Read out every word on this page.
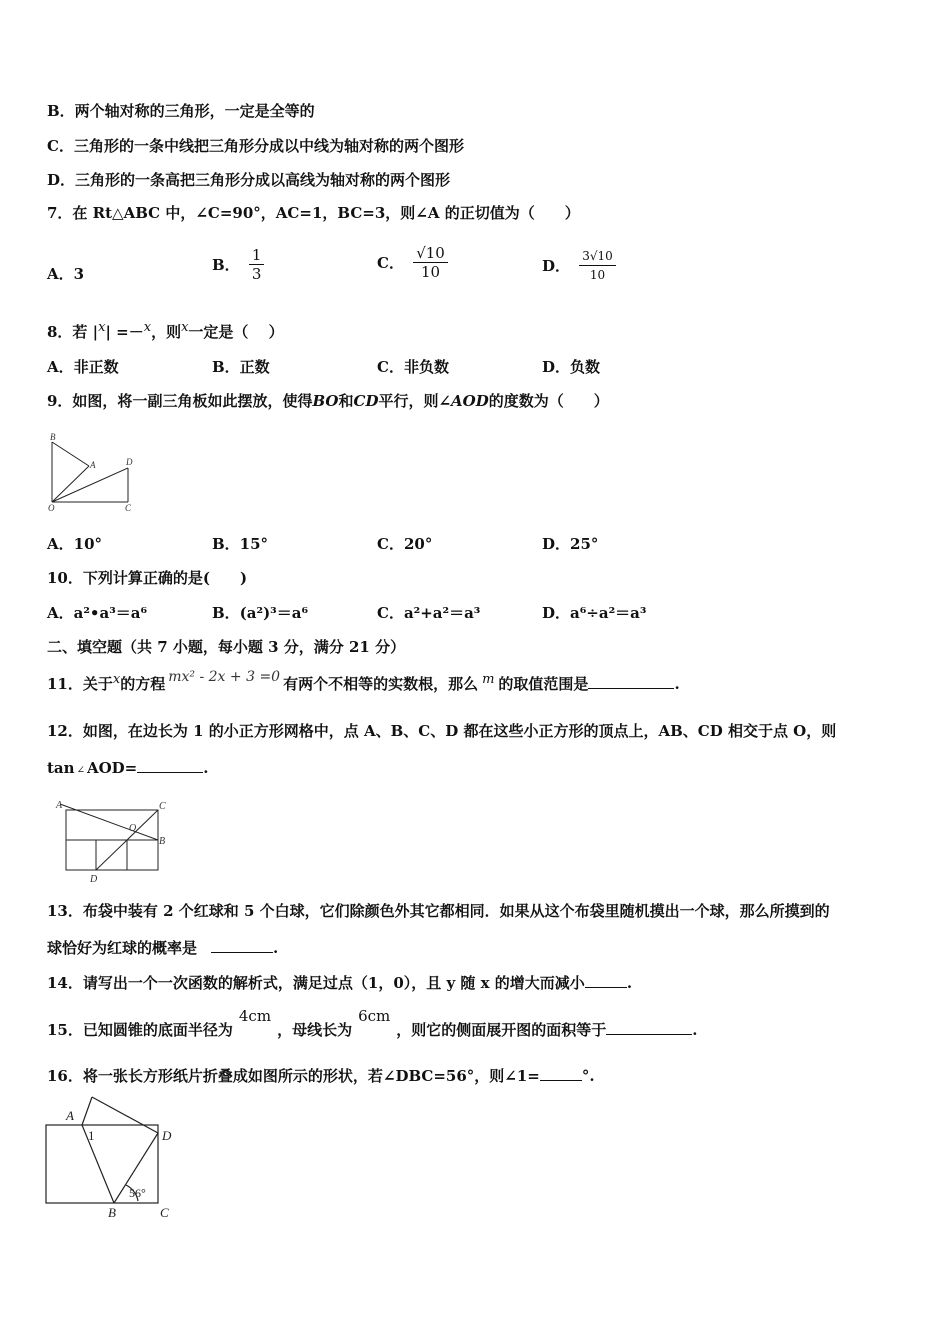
B．两个轴对称的三角形，一定是全等的
C．三角形的一条中线把三角形分成以中线为轴对称的两个图形
D．三角形的一条高把三角形分成以高线为轴对称的两个图形
7．在 Rt△ABC 中，∠C=90°，AC=1，BC=3，则∠A 的正切值为（　　）
A．3	B． $\frac{1}{3}$	C． $\frac{√10}{10}$	D． $\frac{3√10}{10}$
8．若 $|^x| =-^x$，则$^x$一定是（　 ）
A．非正数	B．正数	C．非负数	D．负数
9．如图，将一副三角板如此摆放，使得BO和CD平行，则∠AOD的度数为（　　）
B
A	D
O	C
A．10°	B．15°	C．20°	D．25°
10．下列计算正确的是(　　)
A．a²•a³＝a⁶	B．(a²)³＝a⁶	C．a²+a²＝a³	D．a⁶÷a²＝a³
二、填空题（共 7 小题，每小题 3 分，满分 21 分）
11．关于$^x$的方程 mx² - 2x + 3 =0 有两个不相等的实数根，那么 $^m$ 的取值范围是	.
12．如图，在边长为 1 的小正方形网格中，点 A、B、C、D 都在这些小正方形的顶点上，AB、CD 相交于点 O，则
tan ∠ AOD=	.
A	C
O
B
D
13．布袋中装有 2 个红球和 5 个白球，它们除颜色外其它都相同．如果从这个布袋里随机摸出一个球，那么所摸到的
球恰好为红球的概率是	.
14．请写出一个一次函数的解析式，满足过点（1，0），且 y 随 x 的增大而减小	.
15．已知圆锥的底面半径为4cm，母线长为6cm，则它的侧面展开图的面积等于	.
16．将一张长方形纸片折叠成如图所示的形状，若∠DBC=56°，则∠1=	°.
A
1	D
56°
B	C
